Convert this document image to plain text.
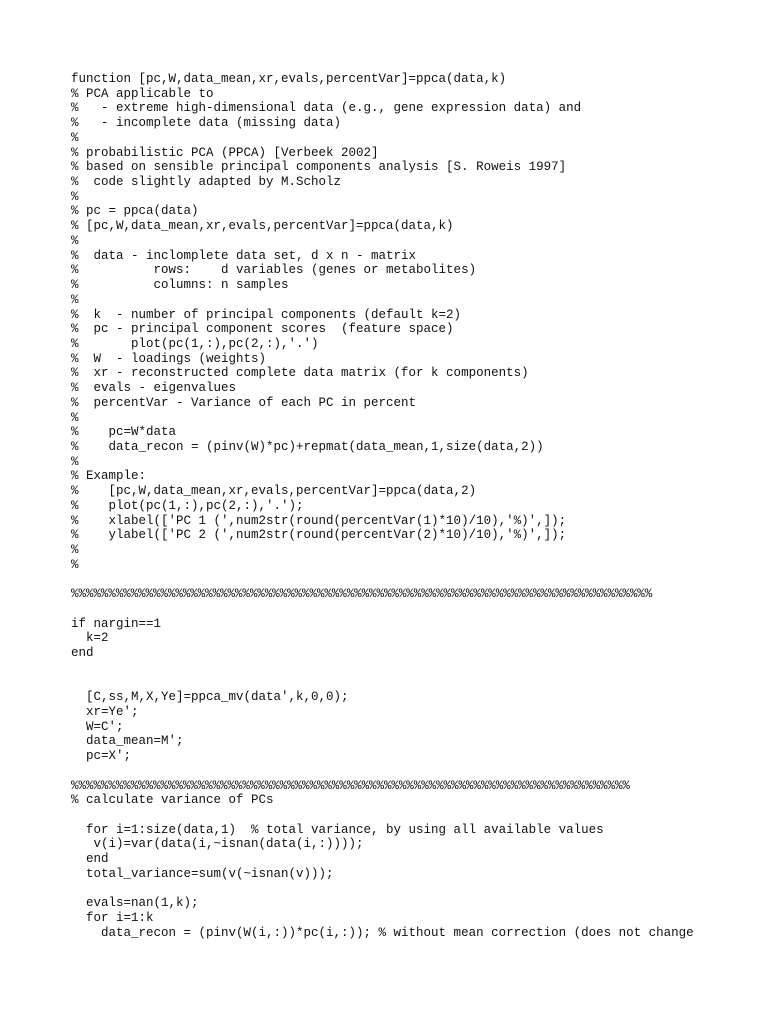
function [pc,W,data_mean,xr,evals,percentVar]=ppca(data,k)
% PCA applicable to
%   - extreme high-dimensional data (e.g., gene expression data) and
%   - incomplete data (missing data)
%
% probabilistic PCA (PPCA) [Verbeek 2002]
% based on sensible principal components analysis [S. Roweis 1997]
%  code slightly adapted by M.Scholz
%
% pc = ppca(data)
% [pc,W,data_mean,xr,evals,percentVar]=ppca(data,k)
%
%  data - inclomplete data set, d x n - matrix
%          rows:    d variables (genes or metabolites)
%          columns: n samples
%
%  k  - number of principal components (default k=2)
%  pc - principal component scores  (feature space)
%       plot(pc(1,:),pc(2,:),'.')
%  W  - loadings (weights)
%  xr - reconstructed complete data matrix (for k components)
%  evals - eigenvalues
%  percentVar - Variance of each PC in percent
%
%    pc=W*data
%    data_recon = (pinv(W)*pc)+repmat(data_mean,1,size(data,2))
%
% Example:
%    [pc,W,data_mean,xr,evals,percentVar]=ppca(data,2)
%    plot(pc(1,:),pc(2,:),'.');
%    xlabel(['PC 1 (',num2str(round(percentVar(1)*10)/10),'%)',]);
%    ylabel(['PC 2 (',num2str(round(percentVar(2)*10)/10),'%)',]);
%
%
%%%%%%%%%%%%%%%%%%%%%%%%%%%%%%%%%%%%%%%%%%%%%%%%%%%%%%%%%%%%%%%%%%%%%%%%%%%%%%
if nargin==1
k=2
end
[C,ss,M,X,Ye]=ppca_mv(data',k,0,0);
xr=Ye';
W=C';
data_mean=M';
pc=X';
%%%%%%%%%%%%%%%%%%%%%%%%%%%%%%%%%%%%%%%%%%%%%%%%%%%%%%%%%%%%%%%%%%%%%%%%%%%
% calculate variance of PCs
for i=1:size(data,1)  % total variance, by using all available values
v(i)=var(data(i,~isnan(data(i,:))));
end
total_variance=sum(v(~isnan(v)));
evals=nan(1,k);
for i=1:k
data_recon = (pinv(W(i,:))*pc(i,:)); % without mean correction (does not change
